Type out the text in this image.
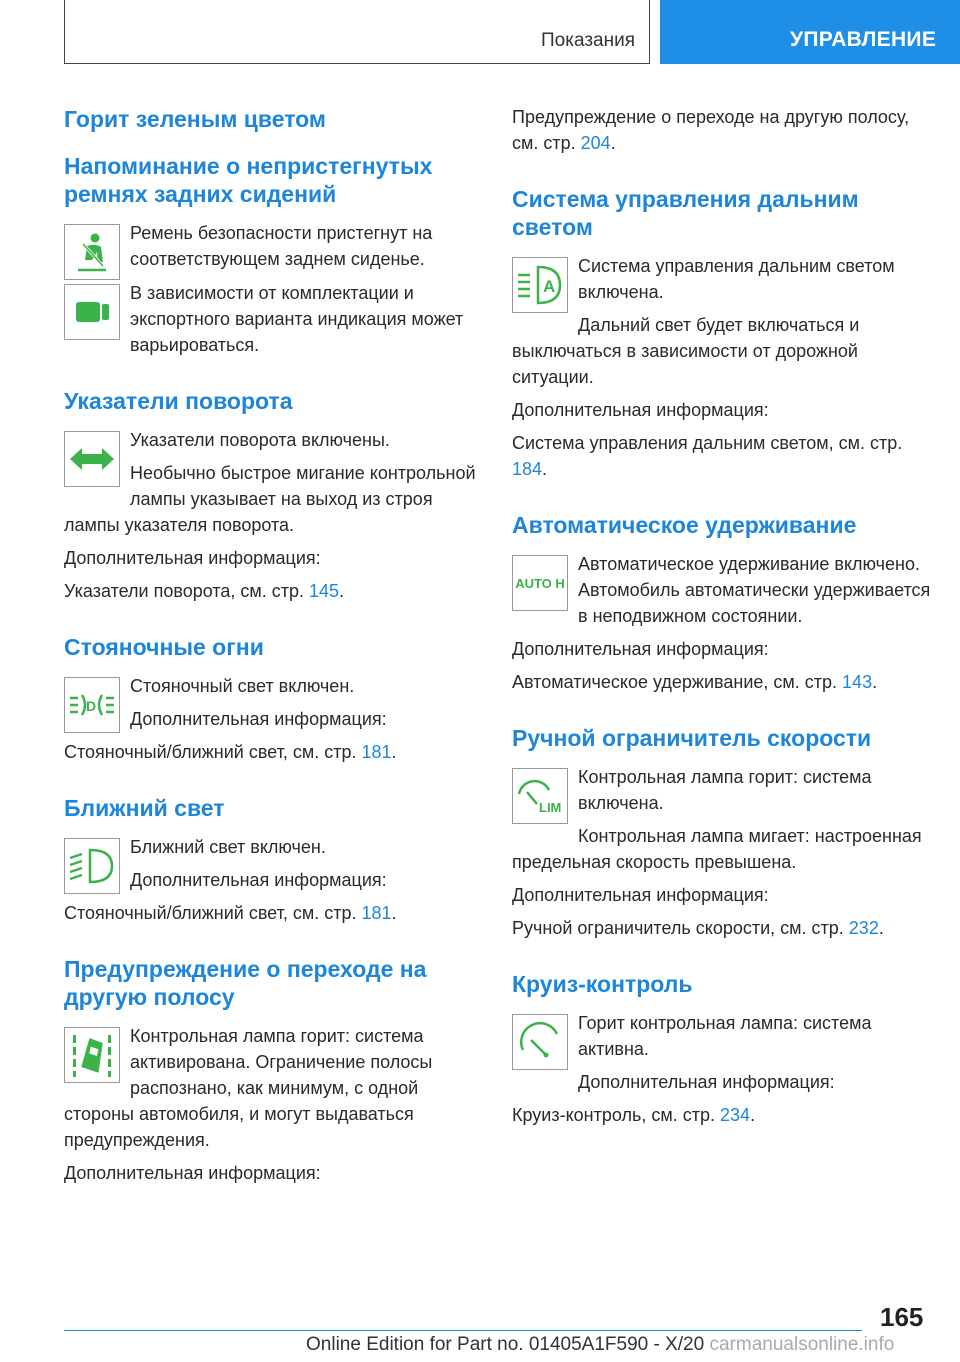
Показания	УПРАВЛЕНИЕ
Горит зеленым цветом
Напоминание о непристегнутых ремнях задних сидений
Ремень безопасности пристегнут на соответствующем заднем сиденье.
В зависимости от комплектации и экспортного варианта индикация может варьироваться.
Указатели поворота
Указатели поворота включены.
Необычно быстрое мигание контрольной лампы указывает на выход из строя лампы указателя поворота.
Дополнительная информация:
Указатели поворота, см. стр. 145.
Стояночные огни
D
Стояночный свет включен.
Дополнительная информация:
Стояночный/ближний свет, см. стр. 181.
Ближний свет
Ближний свет включен.
Дополнительная информация:
Стояночный/ближний свет, см. стр. 181.
Предупреждение о переходе на другую полосу
Контрольная лампа горит: система активирована. Ограничение полосы распознано, как минимум, с одной стороны автомобиля, и могут выдаваться предупреждения.
Дополнительная информация:
Предупреждение о переходе на другую полосу, см. стр. 204.
Система управления дальним светом
A
Система управления дальним светом включена.
Дальний свет будет включаться и выключаться в зависимости от дорожной ситуации.
Дополнительная информация:
Система управления дальним светом, см. стр. 184.
Автоматическое удерживание
AUTO H
Автоматическое удерживание включено. Автомобиль автоматически удерживается в неподвижном состоянии.
Дополнительная информация:
Автоматическое удерживание, см. стр. 143.
Ручной ограничитель скорости
LIM
Контрольная лампа горит: система включена.
Контрольная лампа мигает: настроенная предельная скорость превышена.
Дополнительная информация:
Ручной ограничитель скорости, см. стр. 232.
Круиз-контроль
Горит контрольная лампа: система активна.
Дополнительная информация:
Круиз-контроль, см. стр. 234.
165
Online Edition for Part no. 01405A1F590 - X/20 carmanualsonline.info
